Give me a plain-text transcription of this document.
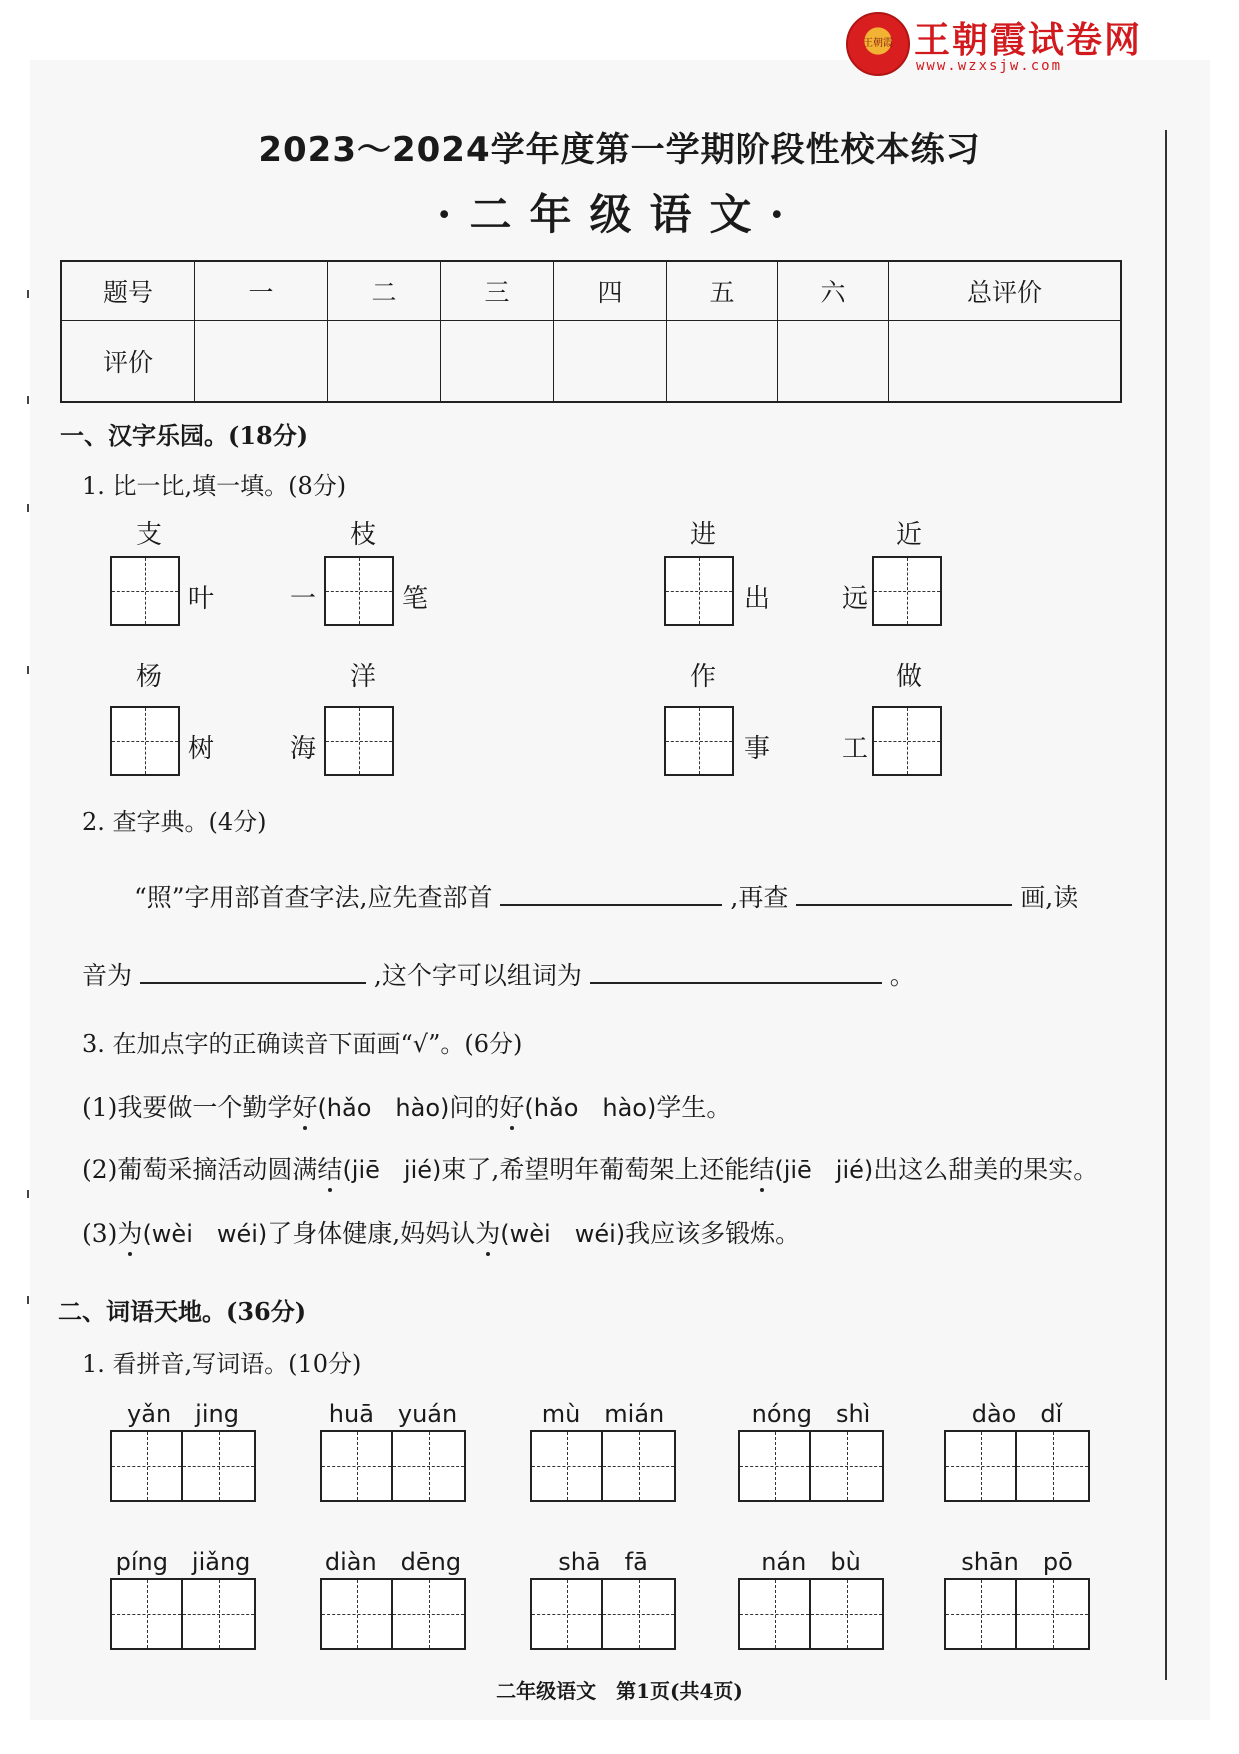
王朝霞 王朝霞试卷网
www.wzxsjw.com
2023～2024学年度第一学期阶段性校本练习
·二年级语文·
题号	一	二	三	四	五	六	总评价
评价							
一、汉字乐园。(18分)
1. 比一比,填一填。(8分)
支	枝	进	近
叶	一	笔	出	远
杨	洋	作	做
树	海	事	工
2. 查字典。(4分)
“照”字用部首查字法,应先查部首	,再查	画,读
音为	,这个字可以组词为	。
3. 在加点字的正确读音下面画“√”。(6分)
(1)我要做一个勤学好(hǎo　hào)问的好(hǎo　hào)学生。
(2)葡萄采摘活动圆满结(jiē　jié)束了,希望明年葡萄架上还能结(jiē　jié)出这么甜美的果实。
(3)为(wèi　wéi)了身体健康,妈妈认为(wèi　wéi)我应该多锻炼。
二、词语天地。(36分)
1. 看拼音,写词语。(10分)
yǎn　jing	huā　yuán	mù　mián	nóng　shì	dào　dǐ
píng　jiǎng	diàn　dēng	shā　fā	nán　bù	shān　pō
二年级语文　第1页(共4页)
